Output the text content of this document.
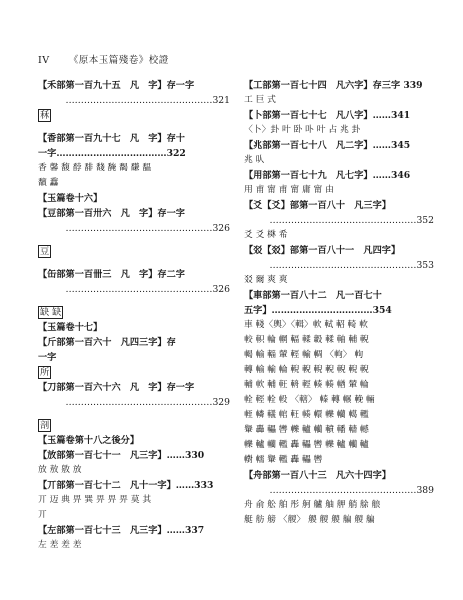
IV 《原本玉篇殘卷》校證
【禾部第一百九十五　凡　字】存一字
…………………………………………321
秝
【香部第一百九十七　凡　字】存十
一字………………………………322
香 馨 馥 馞 馡 馢 馣 馤 馦 馧
馪 馫
【玉篇卷十六】
【豆部第一百卅六　凡　字】存一字
…………………………………………326
豆
【缶部第一百卌三　凡　字】存二字
…………………………………………326
缺 缺
【玉篇卷十七】
【斤部第一百六十　凡四三字】存
一字
所
【刀部第一百六十六　凡　字】存一字
…………………………………………329
剖
【玉篇卷第十八之後分】
【放部第一百七十一　凡三字】……330
放 敖 敫 放
【丌部第一百七十二　凡十一字】……333
丌 迈 典 畀 巽 畀 畀 畀 莫 其
丌
【左部第一百七十三　凡三字】……337
左 差 差 差
【工部第一百七十四　凡六字】存三字 339
工 巨 式
【卜部第一百七十七　凡八字】……341
〈卜〉卦 叶 卧 卟 叶 占 兆 卦
【兆部第一百七十八　凡二字】……345
兆 㕥
【用部第一百七十九　凡七字】……346
用 甫 甯 甫 甯 庸 甯 由
【爻【爻】部第一百八十　凡三字】
…………………………………………352
爻 爻 棥 希
【㸚【㸚】部第一百八十一　凡四字】
…………………………………………353
㸚 爾 爽 爽
【車部第一百八十二　凡一百七十
五字】……………………………354
車 輚〈輿〉〈輯〉軟 軾 軺 輢 軟
較 軹 輪 輞 輻 輮 轂 輮 軸 輔 輗
輵 輸 輜 輦 輕 輸 輖 〈軥〉 軥
轉 輸 輸 輪 輗 輗 輗 輗 輗 輗 輗
輔 軟 輔 軖 輈 輕 輳 輳 輶 輦 輪
輇 輕 輇 軗 〈轄〉 轃 轉 輾 輓 輛
輊 轔 轙 輨 軖 輳 轘 轢 轥 轕 轞
轝 轟 轠 轡 轢 轤 轥 轒 轓 轖 轗
轢 轤 轥 轞 轟 轠 轡 轢 轤 轥 轤
轛 轜 轝 轞 轟 轠 轡
【舟部第一百八十三　凡六十四字】
…………………………………………389
舟 俞 舩 舶 彤 舸 艫 舳 舺 艄 艅 艆
艇 舫 艕 〈艐〉 艐 艐 艐 艑 艐 艑
